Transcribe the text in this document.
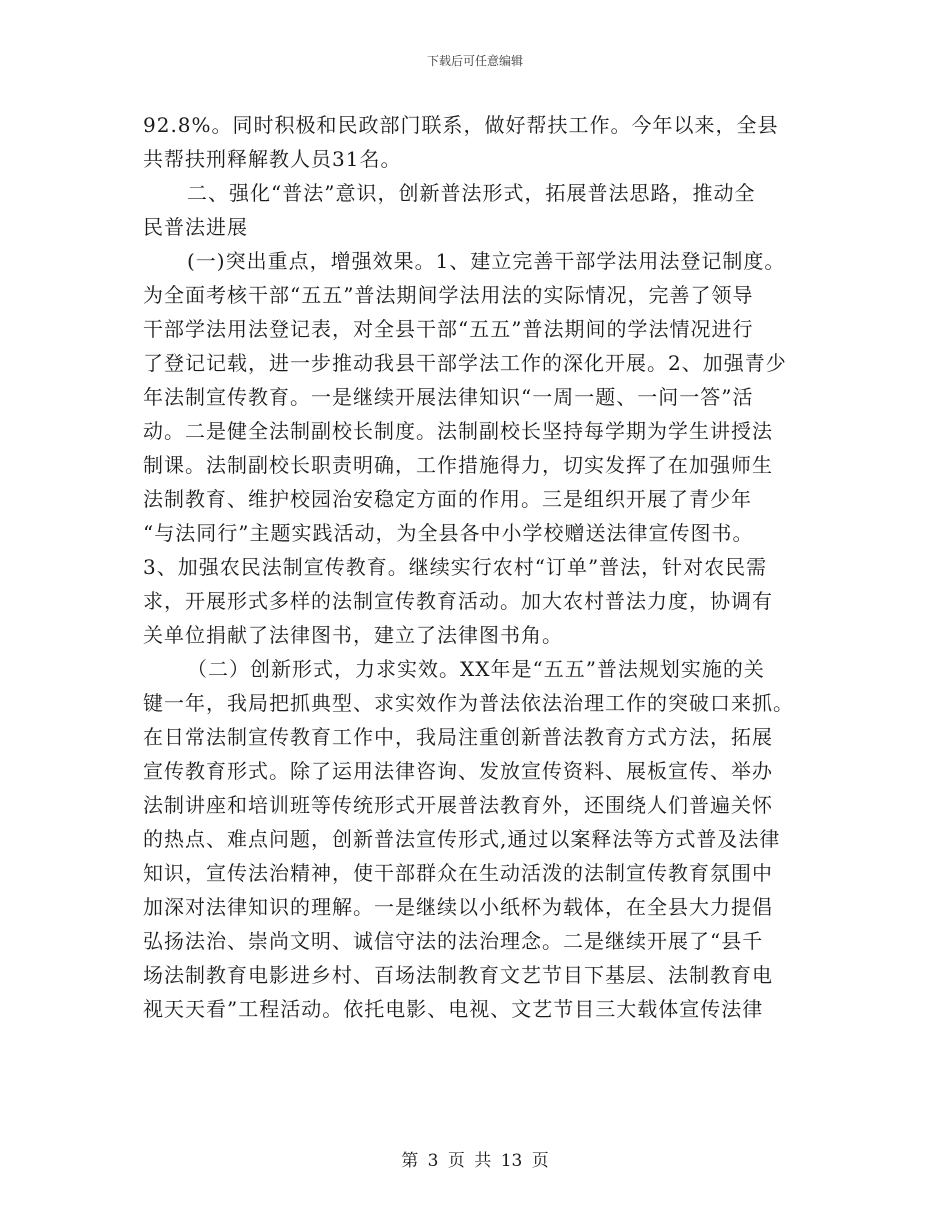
下载后可任意编辑
92.8%。同时积极和民政部门联系，做好帮扶工作。今年以来，全县
共帮扶刑释解教人员31名。
二、强化“普法”意识，创新普法形式，拓展普法思路，推动全
民普法进展
(一)突出重点，增强效果。1、建立完善干部学法用法登记制度。
为全面考核干部“五五”普法期间学法用法的实际情况，完善了领导
干部学法用法登记表，对全县干部“五五”普法期间的学法情况进行
了登记记载，进一步推动我县干部学法工作的深化开展。2、加强青少
年法制宣传教育。一是继续开展法律知识“一周一题、一问一答”活
动。二是健全法制副校长制度。法制副校长坚持每学期为学生讲授法
制课。法制副校长职责明确，工作措施得力，切实发挥了在加强师生
法制教育、维护校园治安稳定方面的作用。三是组织开展了青少年
“与法同行”主题实践活动，为全县各中小学校赠送法律宣传图书。
3、加强农民法制宣传教育。继续实行农村“订单”普法，针对农民需
求，开展形式多样的法制宣传教育活动。加大农村普法力度，协调有
关单位捐献了法律图书，建立了法律图书角。
（二）创新形式，力求实效。XX年是“五五”普法规划实施的关
键一年，我局把抓典型、求实效作为普法依法治理工作的突破口来抓。
在日常法制宣传教育工作中，我局注重创新普法教育方式方法，拓展
宣传教育形式。除了运用法律咨询、发放宣传资料、展板宣传、举办
法制讲座和培训班等传统形式开展普法教育外，还围绕人们普遍关怀
的热点、难点问题，创新普法宣传形式,通过以案释法等方式普及法律
知识，宣传法治精神，使干部群众在生动活泼的法制宣传教育氛围中
加深对法律知识的理解。一是继续以小纸杯为载体，在全县大力提倡
弘扬法治、崇尚文明、诚信守法的法治理念。二是继续开展了“县千
场法制教育电影进乡村、百场法制教育文艺节目下基层、法制教育电
视天天看”工程活动。依托电影、电视、文艺节目三大载体宣传法律
第 3 页 共 13 页
